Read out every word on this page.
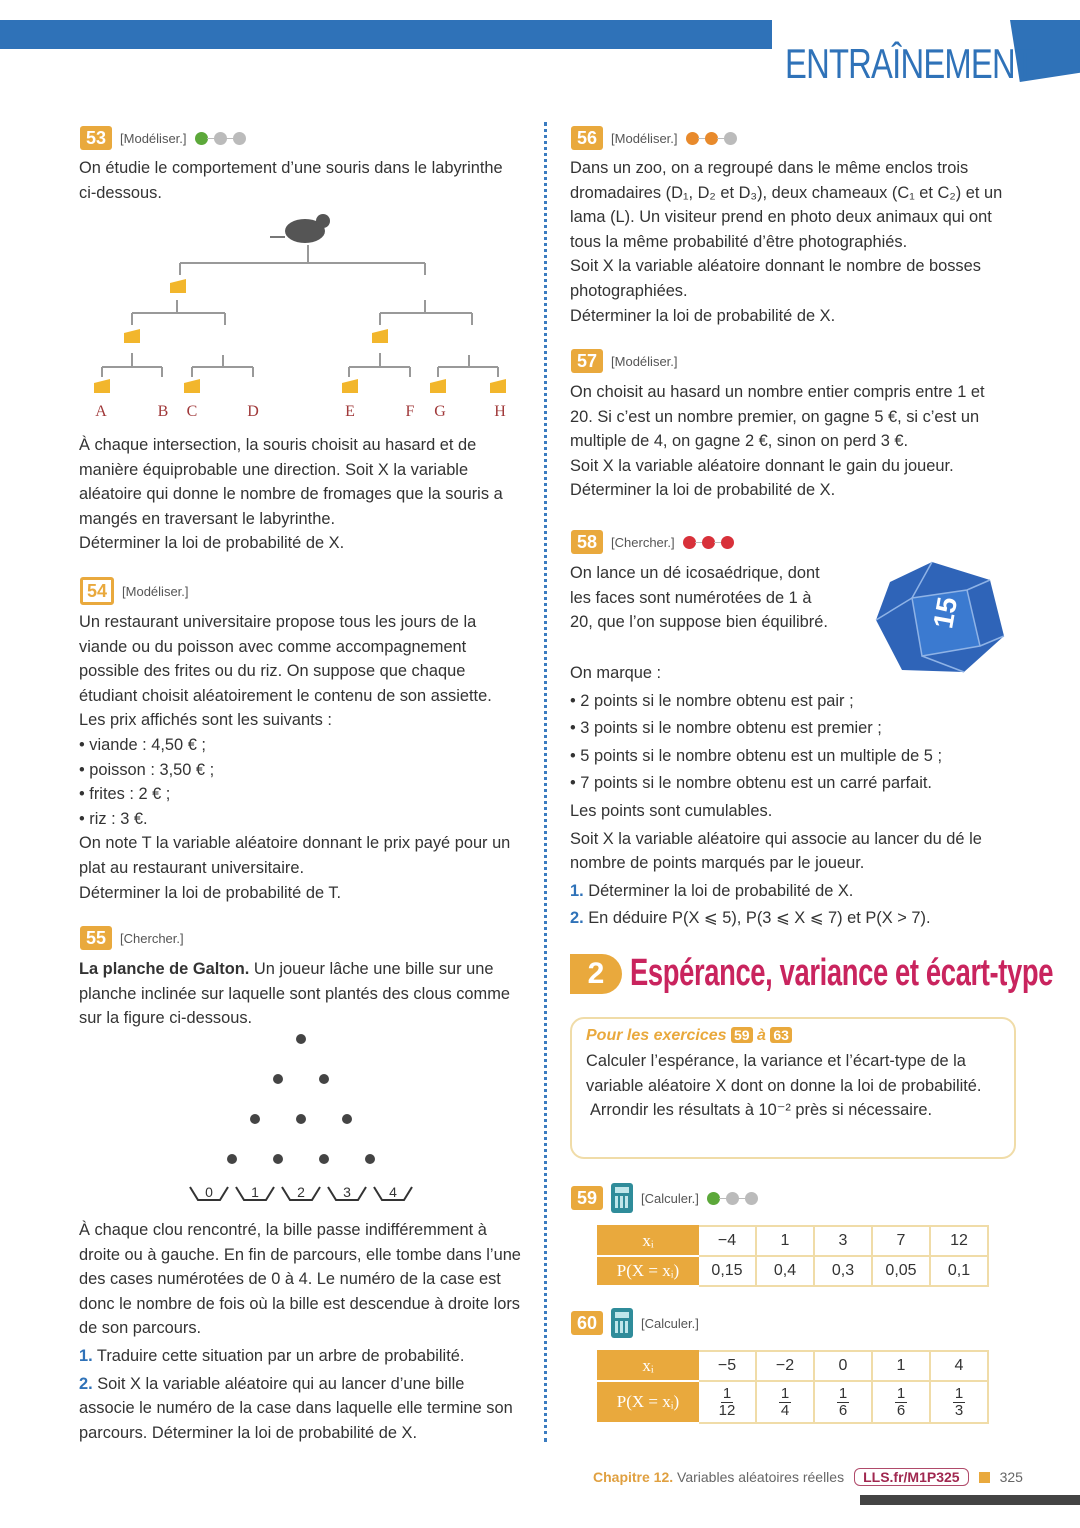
ENTRAÎNEMENT
53	[Modéliser.]
On étudie le comportement d’une souris dans le labyrinthe ci-dessous.
A	B C	D	E	F G	H

À chaque intersection, la souris choisit au hasard et de manière équiprobable une direction. Soit X la variable aléatoire qui donne le nombre de fromages que la souris a mangés en traversant le labyrinthe.

Déterminer la loi de probabilité de X.

54	[Modéliser.]

Un restaurant universitaire propose tous les jours de la viande ou du poisson avec comme accompagnement possible des frites ou du riz. On suppose que chaque étudiant choisit aléatoirement le contenu de son assiette. Les prix affichés sont les suivants :

• viande : 4,50 € ;

• poisson : 3,50 € ;

• frites : 2 € ;

• riz : 3 €.

On note T la variable aléatoire donnant le prix payé pour un plat au restaurant universitaire.

Déterminer la loi de probabilité de T.

55	[Chercher.]
La planche de Galton. Un joueur lâche une bille sur une planche inclinée sur laquelle sont plantés des clous comme sur la figure ci-dessous.
0	1	2	3	4

À chaque clou rencontré, la bille passe indifféremment à droite ou à gauche. En fin de parcours, elle tombe dans l’une des cases numérotées de 0 à 4. Le numéro de la case est donc le nombre de fois où la bille est descendue à droite lors de son parcours.

1. Traduire cette situation par un arbre de probabilité.

2. Soit X la variable aléatoire qui au lancer d’une bille associe le numéro de la case dans laquelle elle termine son parcours. Déterminer la loi de probabilité de X.

56	[Modéliser.]

Dans un zoo, on a regroupé dans le même enclos trois dromadaires (D₁, D₂ et D₃), deux chameaux (C₁ et C₂) et un lama (L). Un visiteur prend en photo deux animaux qui ont tous la même probabilité d’être photographiés.

Soit X la variable aléatoire donnant le nombre de bosses photographiées.

Déterminer la loi de probabilité de X.

57	[Modéliser.]

On choisit au hasard un nombre entier compris entre 1 et 20. Si c’est un nombre premier, on gagne 5 €, si c’est un multiple de 4, on gagne 2 €, sinon on perd 3 €.

Soit X la variable aléatoire donnant le gain du joueur.

Déterminer la loi de probabilité de X.

58	[Chercher.]
On lance un dé icosaédrique, dont les faces sont numérotées de 1 à 20, que l’on suppose bien équilibré.	15

On marque :

• 2 points si le nombre obtenu est pair ;

• 3 points si le nombre obtenu est premier ;

• 5 points si le nombre obtenu est un multiple de 5 ;

• 7 points si le nombre obtenu est un carré parfait.

Les points sont cumulables.

Soit X la variable aléatoire qui associe au lancer du dé le nombre de points marqués par le joueur.

1. Déterminer la loi de probabilité de X.

2. En déduire P(X ⩽ 5), P(3 ⩽ X ⩽ 7) et P(X > 7).

2 Espérance, variance et écart-type
Pour les exercices 59 à 63
Calculer l’espérance, la variance et l’écart-type de la variable aléatoire X dont on donne la loi de probabilité.
Arrondir les résultats à 10⁻² près si nécessaire.
59	[Calculer.]
xᵢ	−4	1	3	7	12
P(X = xᵢ)	0,15	0,4	0,3	0,05	0,1
60	[Calculer.]
xᵢ	−5	−2	0	1	4
P(X = xᵢ)	$\frac{1}{12}$	$\frac{1}{4}$	$\frac{1}{6}$	$\frac{1}{6}$	$\frac{1}{3}$
Chapitre 12. Variables aléatoires réelles	LLS.fr/M1P325	325
